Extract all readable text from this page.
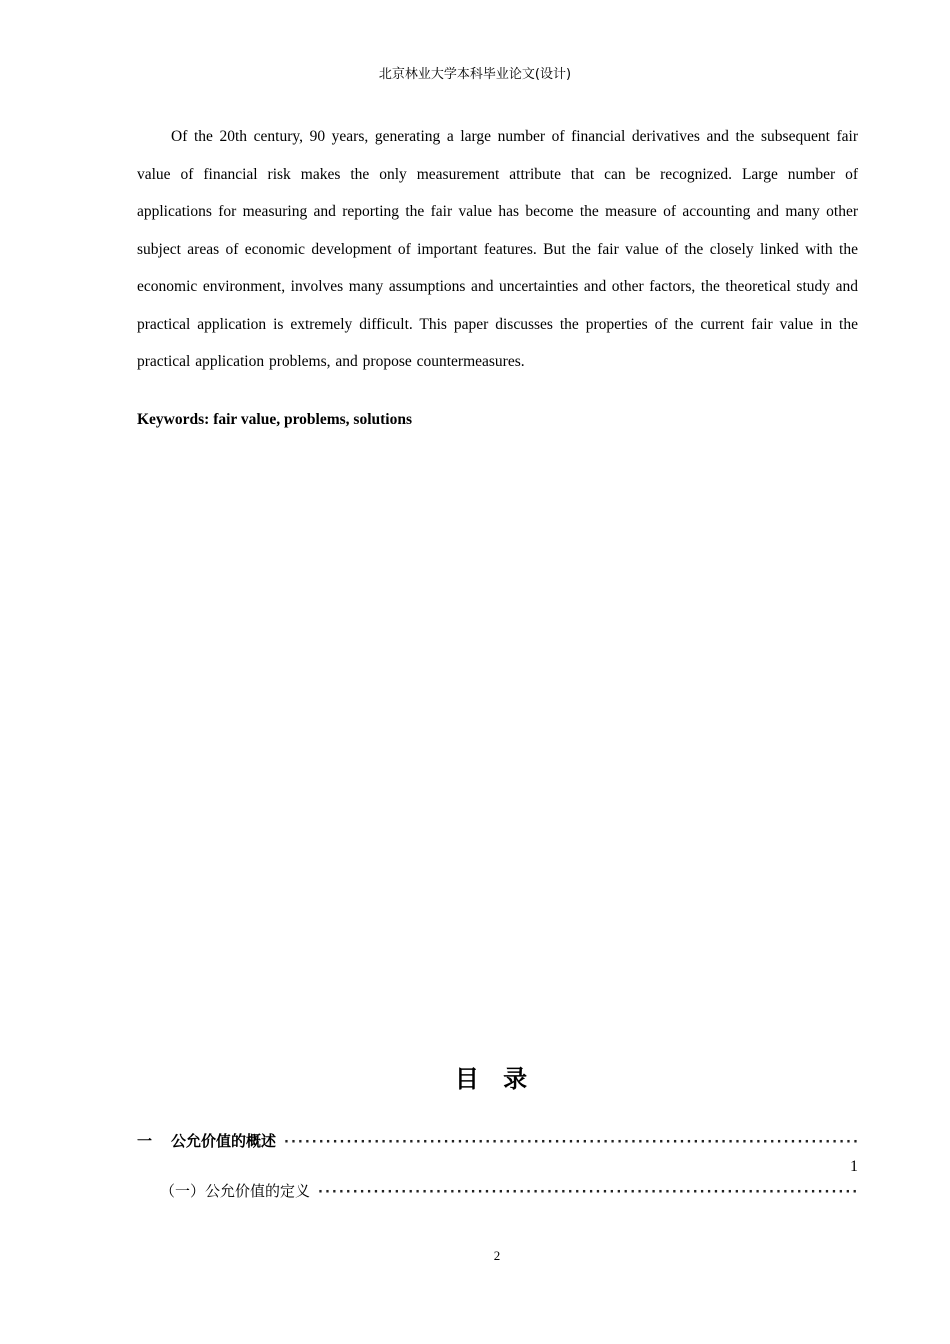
北京林业大学本科毕业论文(设计)

Of the 20th century, 90 years, generating a large number of financial derivatives and the subsequent fair value of financial risk makes the only measurement attribute that can be recognized. Large number of applications for measuring and reporting the fair value has become the measure of accounting and many other subject areas of economic development of important features. But the fair value of the closely linked with the economic environment, involves many assumptions and uncertainties and other factors, the theoretical study and practical application is extremely difficult. This paper discusses the properties of the current fair value in the practical application problems, and propose countermeasures.

Keywords: fair value, problems, solutions

目 录
一	公允价值的概述
·····
1
（一）公允价值的定义
·····
2
